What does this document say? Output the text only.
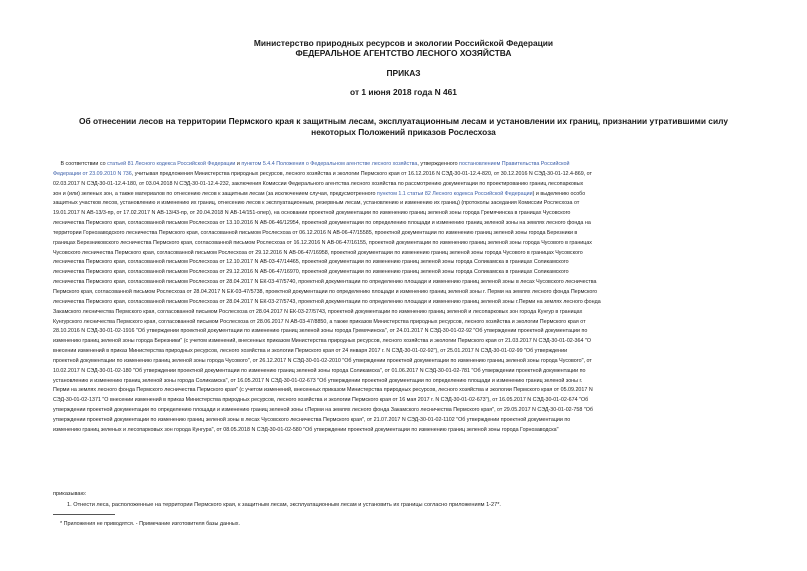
Министерство природных ресурсов и экологии Российской Федерации
ФЕДЕРАЛЬНОЕ АГЕНТСТВО ЛЕСНОГО ХОЗЯЙСТВА
ПРИКАЗ
от 1 июня 2018 года N 461
Об отнесении лесов на территории Пермского края к защитным лесам, эксплуатационным лесам и установлении их границ, признании утратившими силу некоторых Положений приказов Рослесхоза
В соответствии со статьей 81 Лесного кодекса Российской Федерации и пунктом 5.4.4 Положения о Федеральном агентстве лесного хозяйства, утвержденного постановлением Правительства Российской
Федерации от 23.09.2010 N 736, учитывая предложения Министерства природных ресурсов, лесного хозяйства и экологии Пермского края от 16.12.2016 N СЭД-30-01-12.4-820, от 30.12.2016 N СЭД-30-01-12.4-869, от
02.03.2017 N СЭД-30-01-12.4-180, от 03.04.2018 N СЭД-30-01-12.4-232, заключения Комиссии Федерального агентства лесного хозяйства по рассмотрению документации по проектированию границ лесопарковых
зон и (или) зеленых зон, а также материалов по отнесению лесов к защитным лесам (за исключением случая, предусмотренного пунктом 1.1 статьи 82 Лесного кодекса Российской Федерации) и выделению особо
защитных участков лесов, установлению и изменению их границ, отнесению лесов к эксплуатационным, резервным лесам, установлению и изменению их границ) (протоколы заседания Комиссии Рослесхоза от
19.01.2017 N АВ-13/3-пр, от 17.02.2017 N АВ-13/43-пр, от 20.04.2018 N АВ-14/151-опер), на основании проектной документации по изменению границ зеленой зоны города Гремячинска в границах Чусовского
лесничества Пермского края, согласованной письмом Рослесхоза от 13.10.2016 N АВ-06-46/12954, проектной документации по определению площади и изменению границ зеленой зоны на землях лесного фонда на
территории Горнозаводского лесничества Пермского края, согласованной письмом Рослесхоза от 06.12.2016 N АВ-06-47/15585, проектной документации по изменению границ зеленой зоны города Березники в
границах Березниковского лесничества Пермского края, согласованной письмом Рослесхоза от 16.12.2016 N АВ-06-47/16155, проектной документации по изменению границ зеленой зоны города Чусового в границах
Чусовского лесничества Пермского края, согласованной письмом Рослесхоза от 29.12.2016 N АВ-06-47/16958, проектной документации по изменению границ зеленой зоны города Чусового в границах Чусовского
лесничества Пермского края, согласованной письмом Рослесхоза от 12.10.2017 N АВ-03-47/14465, проектной документации по изменению границ зеленой зоны города Соликамска в границах Соликамского
лесничества Пермского края, согласованной письмом Рослесхоза от 29.12.2016 N АВ-06-47/16970, проектной документации по изменению границ зеленой зоны города Соликамска в границах Соликамского
лесничества Пермского края, согласованной письмом Рослесхоза от 28.04.2017 N ЕК-03-47/5740, проектной документации по определению площади и изменению границ зеленой зоны в лесах Чусовского лесничества
Пермского края, согласованной письмом Рослесхоза от 28.04.2017 N ЕК-03-47/5738, проектной документации по определению площади и изменению границ зеленой зоны г. Перми на землях лесного фонда Пермского
лесничества Пермского края, согласованной письмом Рослесхоза от 28.04.2017 N ЕК-03-27/5743, проектной документации по определению площади и изменению границ зеленой зоны г.Перми на землях лесного фонда
Закамского лесничества Пермского края, согласованной письмом Рослесхоза от 28.04.2017 N ЕК-03-27/5743, проектной документации по изменению границ зеленой и лесопарковых зон города Кунгур в границах
Кунгурского лесничества Пермского края, согласованной письмом Рослесхоза от 28.06.2017 N АВ-03-47/8850, а также приказов Министерства природных ресурсов, лесного хозяйства и экологии Пермского края от
28.10.2016 N СЭД-30-01-02-1916 "Об утверждении проектной документации по изменению границ зеленой зоны города Гремячинска", от 24.01.2017 N СЭД-30-01-02-92 "Об утверждении проектной документации по
изменению границ зеленой зоны города Березники" (с учетом изменений, внесенных приказом Министерства природных ресурсов, лесного хозяйства и экологии Пермского края от 21.03.2017 N СЭД-30-01-02-364 "О
внесении изменений в приказ Министерства природных ресурсов, лесного хозяйства и экологии Пермского края от 24 января 2017 г. N СЭД-30-01-02-92"), от 25.01.2017 N СЭД-30-01-02-99 "Об утверждении
проектной документации по изменению границ зеленой зоны города Чусового", от 26.12.2017 N СЭД-30-01-02-2010 "Об утверждении проектной документации по изменению границ зеленой зоны города Чусового", от
10.02.2017 N СЭД-30-01-02-180 "Об утверждении проектной документации по изменению границ зеленой зоны города Соликамска", от 01.06.2017 N СЭД-30-01-02-781 "Об утверждении проектной документации по
установлению и изменению границ зеленой зоны города Соликамска", от 16.05.2017 N СЭД-30-01-02-673 "Об утверждении проектной документации по определению площади и изменению границ зеленой зоны г.
Перми на землях лесного фонда Пермского лесничества Пермского края" (с учетом изменений, внесенных приказом Министерства природных ресурсов, лесного хозяйства и экологии Пермского края от 05.09.2017 N
СЭД-30-01-02-1371 "О внесении изменений в приказ Министерства природных ресурсов, лесного хозяйства и экологии Пермского края от 16 мая 2017 г. N СЭД-30-01-02-673"), от 16.05.2017 N СЭД-30-01-02-674 "Об
утверждении проектной документации по определению площади и изменению границ зеленой зоны г.Перми на землях лесного фонда Закамского лесничества Пермского края", от 29.05.2017 N СЭД-30-01-02-758 "Об
утверждении проектной документации по изменению границ зеленой зоны в лесах Чусовского лесничества Пермского края", от 21.07.2017 N СЭД-30-01-02-1102 "Об утверждении проектной документации по
изменению границ зеленых и лесопарковых зон города Кунгура", от 08.05.2018 N СЭД-30-01-02-580 "Об утверждении проектной документации по изменению границ зеленой зоны города Горнозаводска"
приказываю:
1. Отнести леса, расположенные на территории Пермского края, к защитным лесам, эксплуатационным лесам и установить их границы согласно приложениям 1-27*.
* Приложения не приводятся. - Примечание изготовителя базы данных.
